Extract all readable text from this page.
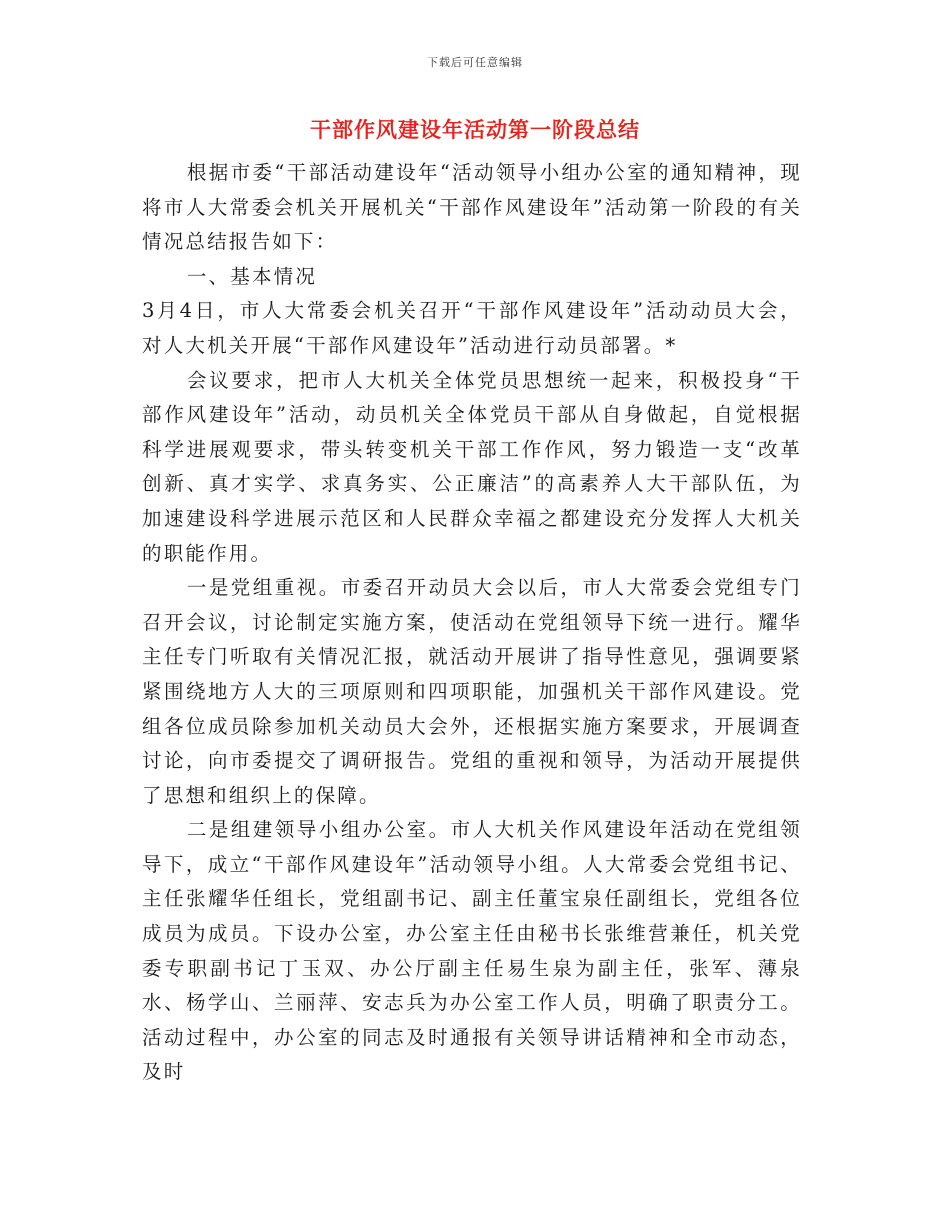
下载后可任意编辑
干部作风建设年活动第一阶段总结

根据市委“干部活动建设年“活动领导小组办公室的通知精神，现将市人大常委会机关开展机关“干部作风建设年”活动第一阶段的有关情况总结报告如下：

一、基本情况

3月4日，市人大常委会机关召开“干部作风建设年”活动动员大会，对人大机关开展“干部作风建设年”活动进行动员部署。*

会议要求，把市人大机关全体党员思想统一起来，积极投身“干部作风建设年”活动，动员机关全体党员干部从自身做起，自觉根据科学进展观要求，带头转变机关干部工作作风，努力锻造一支“改革创新、真才实学、求真务实、公正廉洁”的高素养人大干部队伍，为加速建设科学进展示范区和人民群众幸福之都建设充分发挥人大机关的职能作用。

一是党组重视。市委召开动员大会以后，市人大常委会党组专门召开会议，讨论制定实施方案，使活动在党组领导下统一进行。耀华主任专门听取有关情况汇报，就活动开展讲了指导性意见，强调要紧紧围绕地方人大的三项原则和四项职能，加强机关干部作风建设。党组各位成员除参加机关动员大会外，还根据实施方案要求，开展调查讨论，向市委提交了调研报告。党组的重视和领导，为活动开展提供了思想和组织上的保障。

二是组建领导小组办公室。市人大机关作风建设年活动在党组领导下，成立“干部作风建设年”活动领导小组。人大常委会党组书记、主任张耀华任组长，党组副书记、副主任董宝泉任副组长，党组各位成员为成员。下设办公室，办公室主任由秘书长张维营兼任，机关党委专职副书记丁玉双、办公厅副主任易生泉为副主任，张军、薄泉水、杨学山、兰丽萍、安志兵为办公室工作人员，明确了职责分工。活动过程中，办公室的同志及时通报有关领导讲话精神和全市动态，及时
